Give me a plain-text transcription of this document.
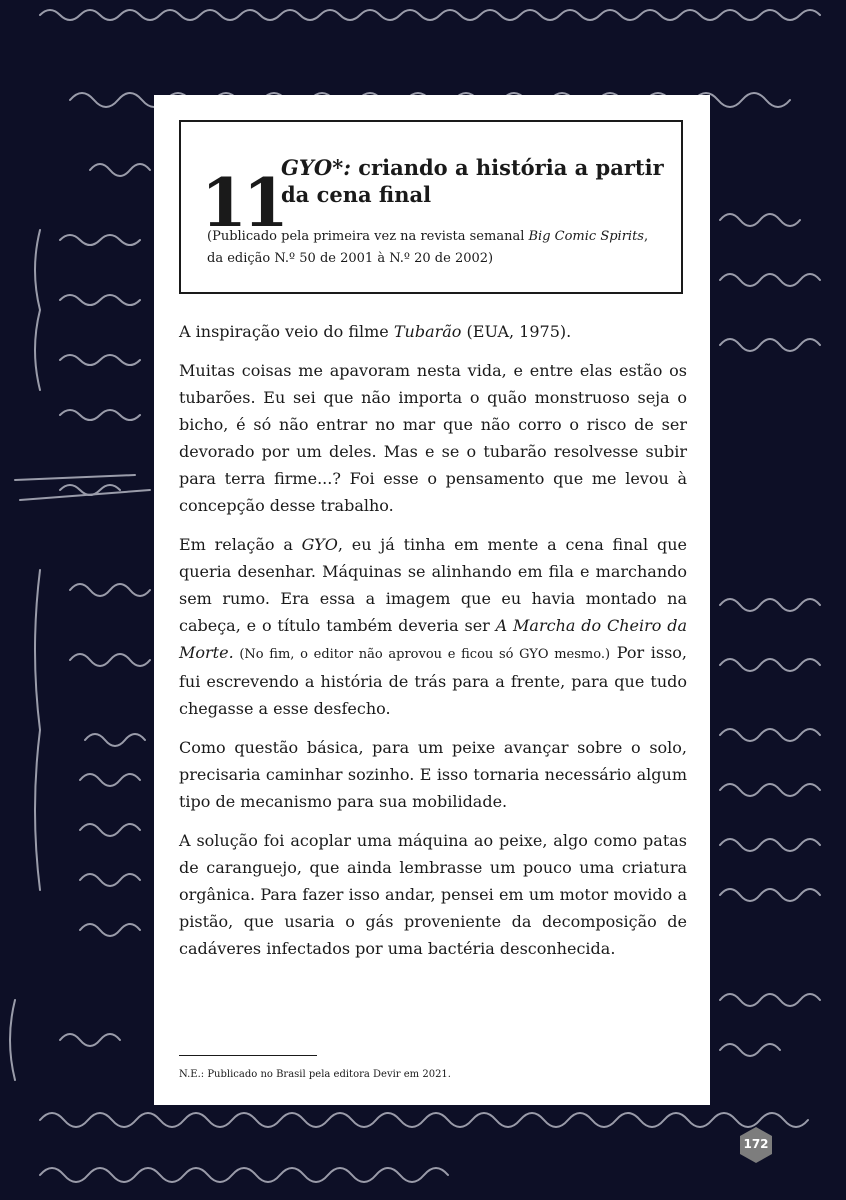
11
GYO*: criando a história a partir da cena final
(Publicado pela primeira vez na revista semanal Big Comic Spirits, da edição N.º 50 de 2001 à N.º 20 de 2002)

A inspiração veio do filme Tubarão (EUA, 1975).

Muitas coisas me apavoram nesta vida, e entre elas estão os tubarões. Eu sei que não importa o quão monstruoso seja o bicho, é só não entrar no mar que não corro o risco de ser devorado por um deles. Mas e se o tubarão resolvesse subir para terra firme...? Foi esse o pensamento que me levou à concepção desse trabalho.

Em relação a GYO, eu já tinha em mente a cena final que queria desenhar. Máquinas se alinhando em fila e marchando sem rumo. Era essa a imagem que eu havia montado na cabeça, e o título também deveria ser A Marcha do Cheiro da Morte. (No fim, o editor não aprovou e ficou só GYO mesmo.) Por isso, fui escrevendo a história de trás para a frente, para que tudo chegasse a esse desfecho.

Como questão básica, para um peixe avançar sobre o solo, precisaria caminhar sozinho. E isso tornaria necessário algum tipo de mecanismo para sua mobilidade.

A solução foi acoplar uma máquina ao peixe, algo como patas de caranguejo, que ainda lembrasse um pouco uma criatura orgânica. Para fazer isso andar, pensei em um motor movido a pistão, que usaria o gás proveniente da decomposição de cadáveres infectados por uma bactéria desconhecida.

N.E.: Publicado no Brasil pela editora Devir em 2021.
172
